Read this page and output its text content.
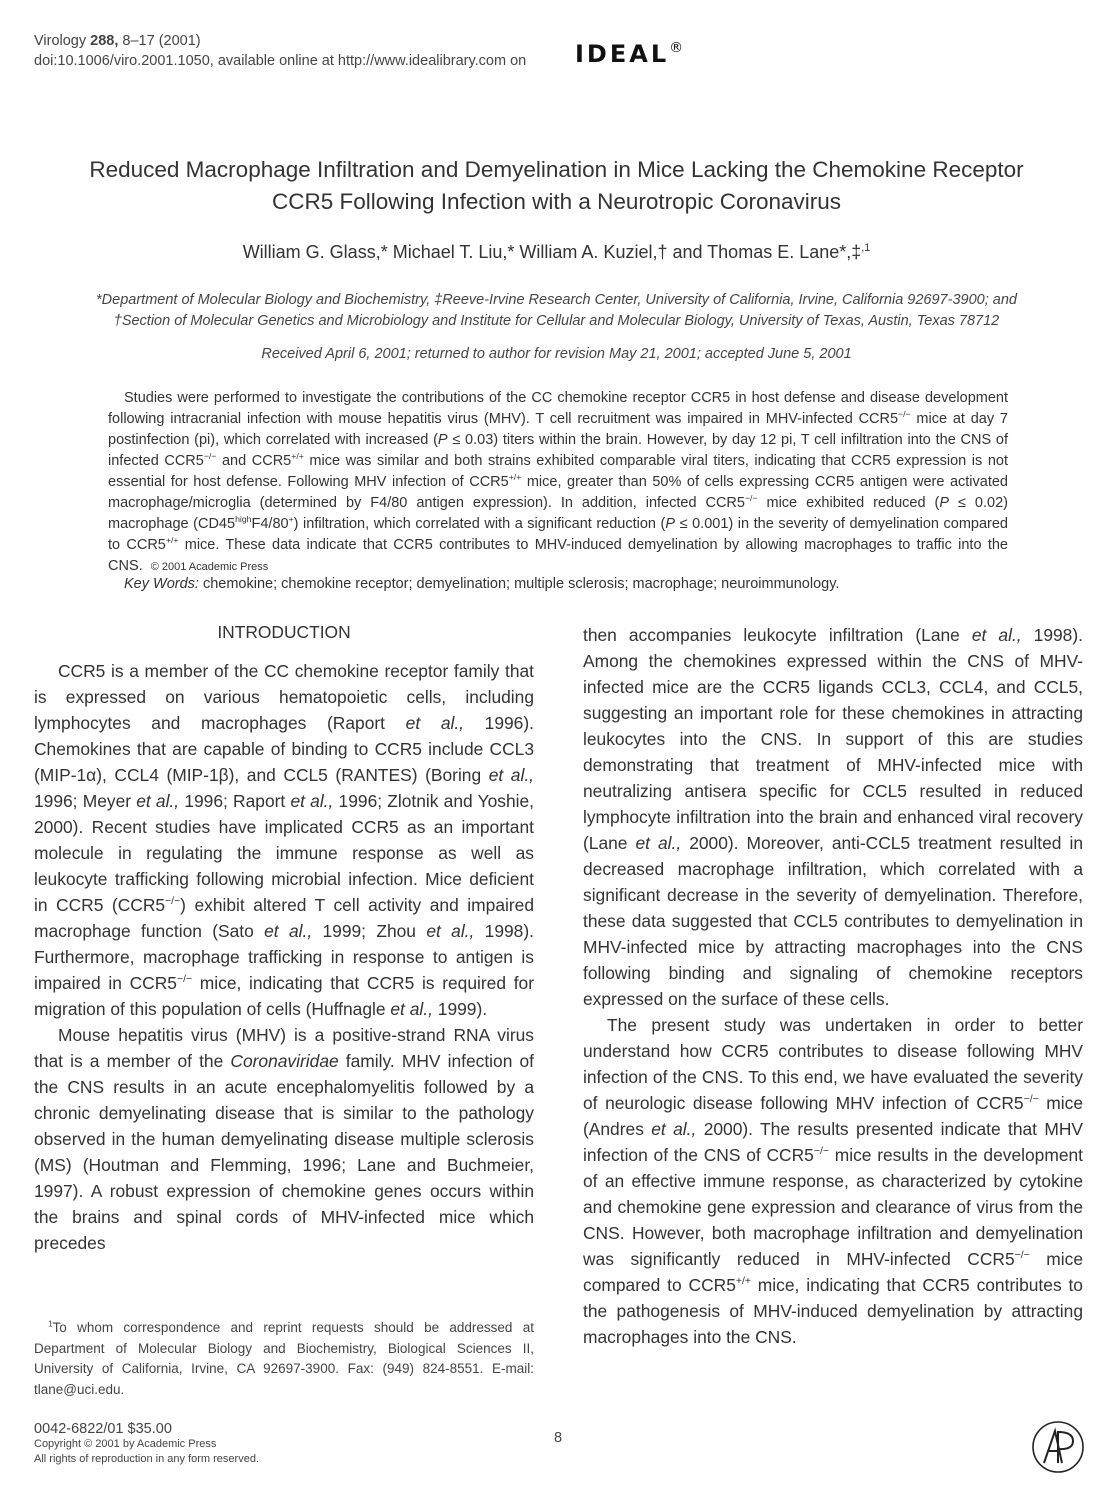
Virology 288, 8–17 (2001)
doi:10.1006/viro.2001.1050, available online at http://www.idealibrary.com on IDEAL®
Reduced Macrophage Infiltration and Demyelination in Mice Lacking the Chemokine Receptor
CCR5 Following Infection with a Neurotropic Coronavirus
William G. Glass,* Michael T. Liu,* William A. Kuziel,† and Thomas E. Lane*,‡$^{,1}$
*Department of Molecular Biology and Biochemistry, ‡Reeve-Irvine Research Center, University of California, Irvine, California 92697-3900; and
†Section of Molecular Genetics and Microbiology and Institute for Cellular and Molecular Biology, University of Texas, Austin, Texas 78712
Received April 6, 2001; returned to author for revision May 21, 2001; accepted June 5, 2001
Studies were performed to investigate the contributions of the CC chemokine receptor CCR5 in host defense and disease development following intracranial infection with mouse hepatitis virus (MHV). T cell recruitment was impaired in MHV-infected CCR5−/− mice at day 7 postinfection (pi), which correlated with increased (P ≤ 0.03) titers within the brain. However, by day 12 pi, T cell infiltration into the CNS of infected CCR5−/− and CCR5+/+ mice was similar and both strains exhibited comparable viral titers, indicating that CCR5 expression is not essential for host defense. Following MHV infection of CCR5+/+ mice, greater than 50% of cells expressing CCR5 antigen were activated macrophage/microglia (determined by F4/80 antigen expression). In addition, infected CCR5−/− mice exhibited reduced (P ≤ 0.02) macrophage $(CD45^{high}F4/80^+)$ infiltration, which correlated with a significant reduction (P ≤ 0.001) in the severity of demyelination compared to CCR5+/+ mice. These data indicate that CCR5 contributes to MHV-induced demyelination by allowing macrophages to traffic into the CNS. © 2001 Academic Press
Key Words: chemokine; chemokine receptor; demyelination; multiple sclerosis; macrophage; neuroimmunology.
INTRODUCTION

CCR5 is a member of the CC chemokine receptor family that is expressed on various hematopoietic cells, including lymphocytes and macrophages (Raport et al., 1996). Chemokines that are capable of binding to CCR5 include CCL3 (MIP-1α), CCL4 (MIP-1β), and CCL5 (RANTES) (Boring et al., 1996; Meyer et al., 1996; Raport et al., 1996; Zlotnik and Yoshie, 2000). Recent studies have implicated CCR5 as an important molecule in regulating the immune response as well as leukocyte trafficking following microbial infection. Mice deficient in CCR5 (CCR5−/−) exhibit altered T cell activity and impaired macrophage function (Sato et al., 1999; Zhou et al., 1998). Furthermore, macrophage trafficking in response to antigen is impaired in CCR5−/− mice, indicating that CCR5 is required for migration of this population of cells (Huffnagle et al., 1999).

Mouse hepatitis virus (MHV) is a positive-strand RNA virus that is a member of the Coronaviridae family. MHV infection of the CNS results in an acute encephalomyelitis followed by a chronic demyelinating disease that is similar to the pathology observed in the human demyelinating disease multiple sclerosis (MS) (Houtman and Flemming, 1996; Lane and Buchmeier, 1997). A robust expression of chemokine genes occurs within the brains and spinal cords of MHV-infected mice which precedes

then accompanies leukocyte infiltration (Lane et al., 1998). Among the chemokines expressed within the CNS of MHV-infected mice are the CCR5 ligands CCL3, CCL4, and CCL5, suggesting an important role for these chemokines in attracting leukocytes into the CNS. In support of this are studies demonstrating that treatment of MHV-infected mice with neutralizing antisera specific for CCL5 resulted in reduced lymphocyte infiltration into the brain and enhanced viral recovery (Lane et al., 2000). Moreover, anti-CCL5 treatment resulted in decreased macrophage infiltration, which correlated with a significant decrease in the severity of demyelination. Therefore, these data suggested that CCL5 contributes to demyelination in MHV-infected mice by attracting macrophages into the CNS following binding and signaling of chemokine receptors expressed on the surface of these cells.

The present study was undertaken in order to better understand how CCR5 contributes to disease following MHV infection of the CNS. To this end, we have evaluated the severity of neurologic disease following MHV infection of CCR5−/− mice (Andres et al., 2000). The results presented indicate that MHV infection of the CNS of CCR5−/− mice results in the development of an effective immune response, as characterized by cytokine and chemokine gene expression and clearance of virus from the CNS. However, both macrophage infiltration and demyelination was significantly reduced in MHV-infected CCR5−/− mice compared to CCR5+/+ mice, indicating that CCR5 contributes to the pathogenesis of MHV-induced demyelination by attracting macrophages into the CNS.

$^1$To whom correspondence and reprint requests should be addressed at Department of Molecular Biology and Biochemistry, Biological Sciences II, University of California, Irvine, CA 92697-3900. Fax: (949) 824-8551. E-mail: tlane@uci.edu.
0042-6822/01 $35.00
Copyright © 2001 by Academic Press
All rights of reproduction in any form reserved.
8
